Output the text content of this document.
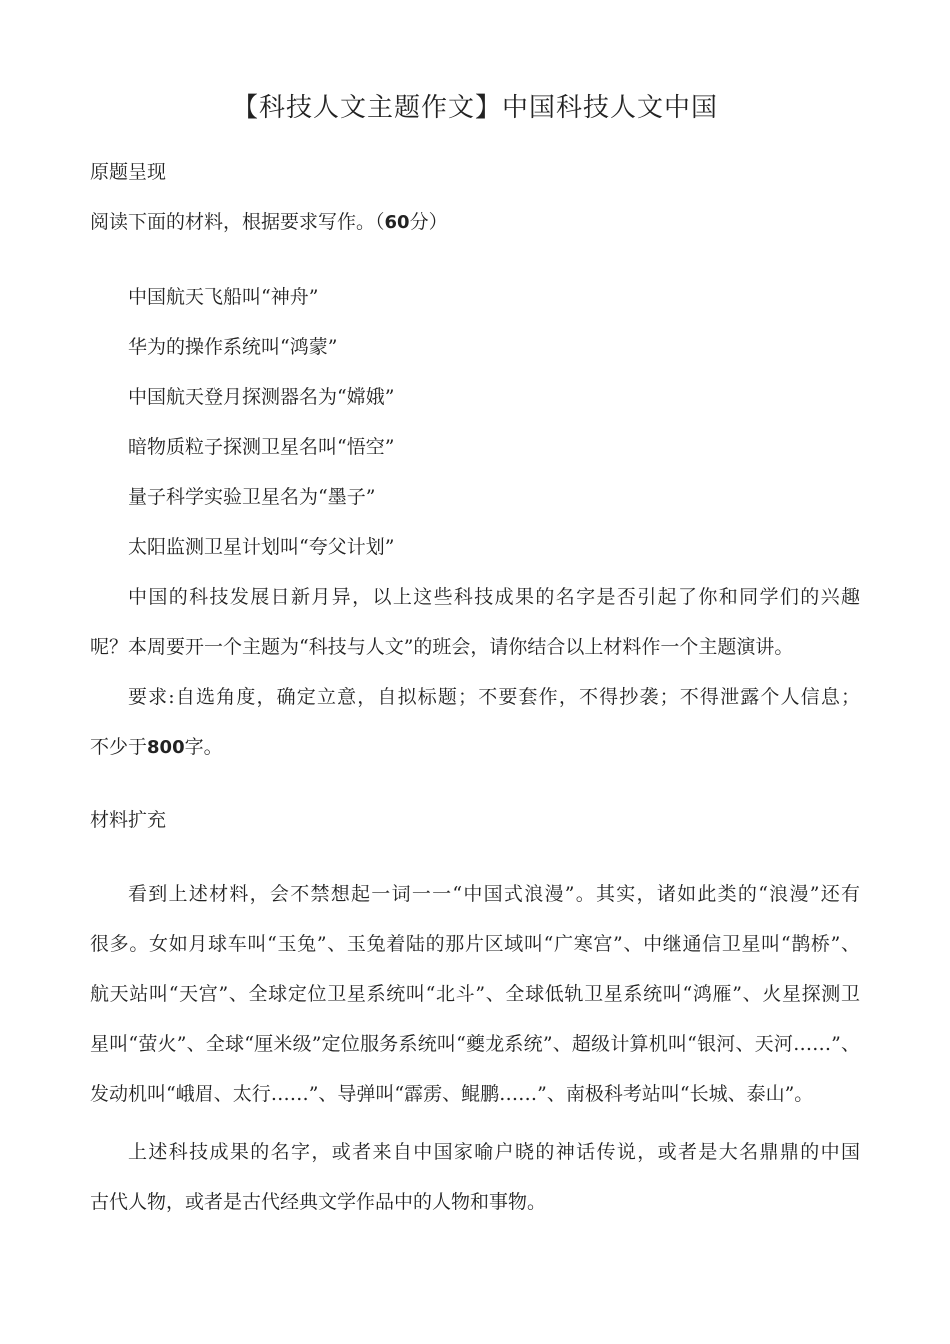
【科技人文主题作文】中国科技人文中国
原题呈现
阅读下面的材料，根据要求写作。（60分）
中国航天飞船叫“神舟”
华为的操作系统叫“鸿蒙”
中国航天登月探测器名为“嫦娥”
暗物质粒子探测卫星名叫“悟空”
量子科学实验卫星名为“墨子”
太阳监测卫星计划叫“夸父计划”
中国的科技发展日新月异，以上这些科技成果的名字是否引起了你和同学们的兴趣
呢？本周要开一个主题为“科技与人文”的班会，请你结合以上材料作一个主题演讲。
要求:自选角度，确定立意，自拟标题；不要套作，不得抄袭；不得泄露个人信息；
不少于800字。
材料扩充
看到上述材料，会不禁想起一词一一“中国式浪漫”。其实，诸如此类的“浪漫”还有
很多。女如月球车叫“玉兔”、玉兔着陆的那片区域叫“广寒宫”、中继通信卫星叫“鹊桥”、
航天站叫“天宫”、全球定位卫星系统叫“北斗”、全球低轨卫星系统叫“鸿雁”、火星探测卫
星叫“萤火”、全球“厘米级”定位服务系统叫“夔龙系统”、超级计算机叫“银河、天河……”、
发动机叫“峨眉、太行……”、导弹叫“霹雳、鲲鹏……”、南极科考站叫“长城、泰山”。
上述科技成果的名字，或者来自中国家喻户晓的神话传说，或者是大名鼎鼎的中国
古代人物，或者是古代经典文学作品中的人物和事物。
